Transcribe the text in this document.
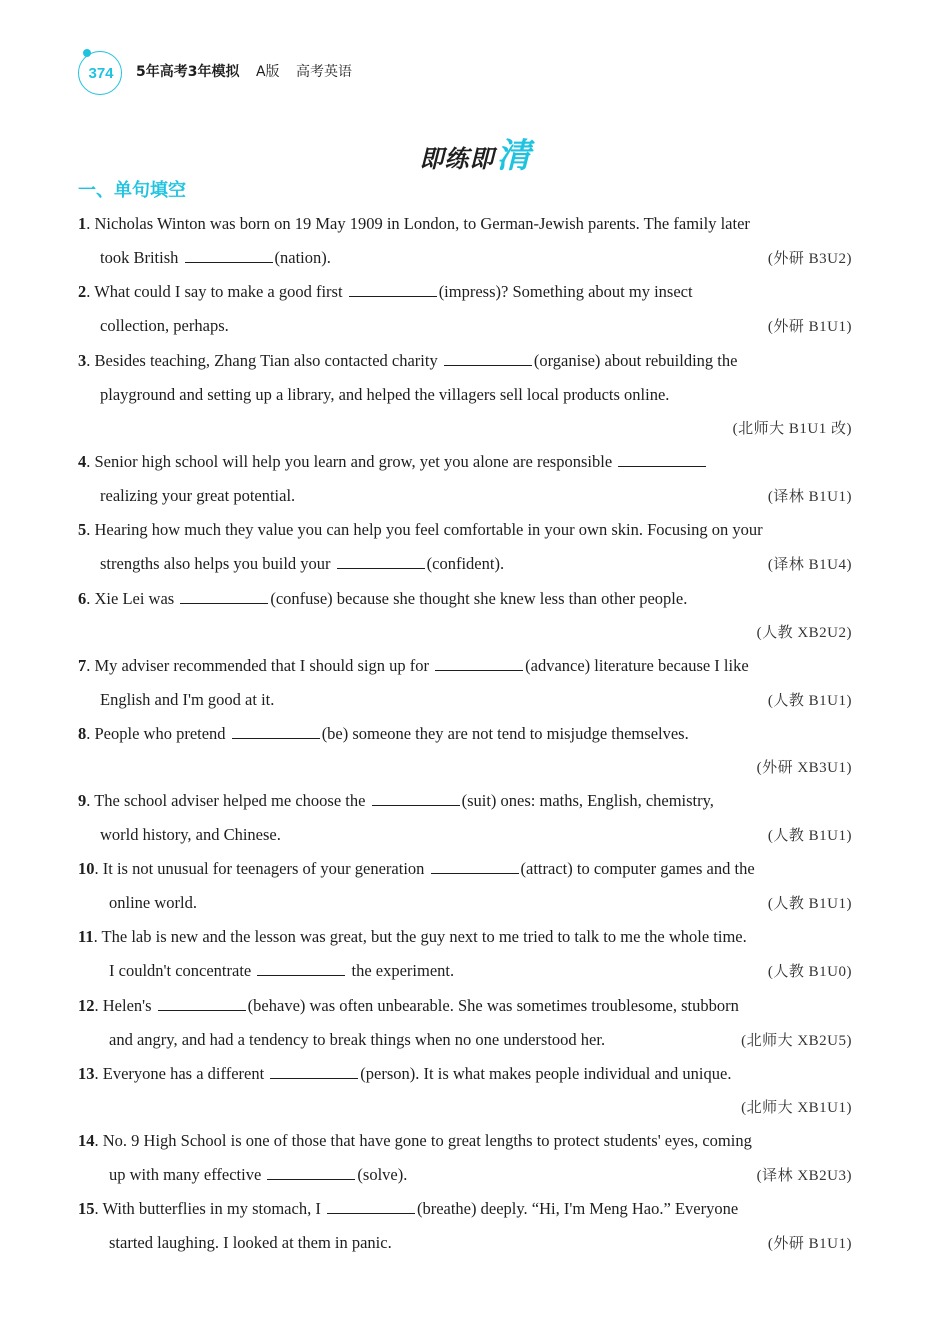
374	5年高考3年模拟 A版 高考英语
即练即清
一、单句填空
1. Nicholas Winton was born on 19 May 1909 in London, to German-Jewish parents. The family later
took British	(nation).	(外研 B3U2)
2. What could I say to make a good first	(impress)? Something about my insect
collection, perhaps.	(外研 B1U1)
3. Besides teaching, Zhang Tian also contacted charity	(organise) about rebuilding the
playground and setting up a library, and helped the villagers sell local products online.
(北师大 B1U1 改)
4. Senior high school will help you learn and grow, yet you alone are responsible
realizing your great potential.	(译林 B1U1)
5. Hearing how much they value you can help you feel comfortable in your own skin. Focusing on your
strengths also helps you build your	(confident).	(译林 B1U4)
6. Xie Lei was	(confuse) because she thought she knew less than other people.
(人教 XB2U2)
7. My adviser recommended that I should sign up for	(advance) literature because I like
English and I'm good at it.	(人教 B1U1)
8. People who pretend	(be) someone they are not tend to misjudge themselves.
(外研 XB3U1)
9. The school adviser helped me choose the	(suit) ones: maths, English, chemistry,
world history, and Chinese.	(人教 B1U1)
10. It is not unusual for teenagers of your generation	(attract) to computer games and the
online world.	(人教 B1U1)
11. The lab is new and the lesson was great, but the guy next to me tried to talk to me the whole time.
I couldn't concentrate	the experiment.	(人教 B1U0)
12. Helen's	(behave) was often unbearable. She was sometimes troublesome, stubborn
and angry, and had a tendency to break things when no one understood her.	(北师大 XB2U5)
13. Everyone has a different	(person). It is what makes people individual and unique.
(北师大 XB1U1)
14. No. 9 High School is one of those that have gone to great lengths to protect students' eyes, coming
up with many effective	(solve).	(译林 XB2U3)
15. With butterflies in my stomach, I	(breathe) deeply. “Hi, I'm Meng Hao.” Everyone
started laughing. I looked at them in panic.	(外研 B1U1)
